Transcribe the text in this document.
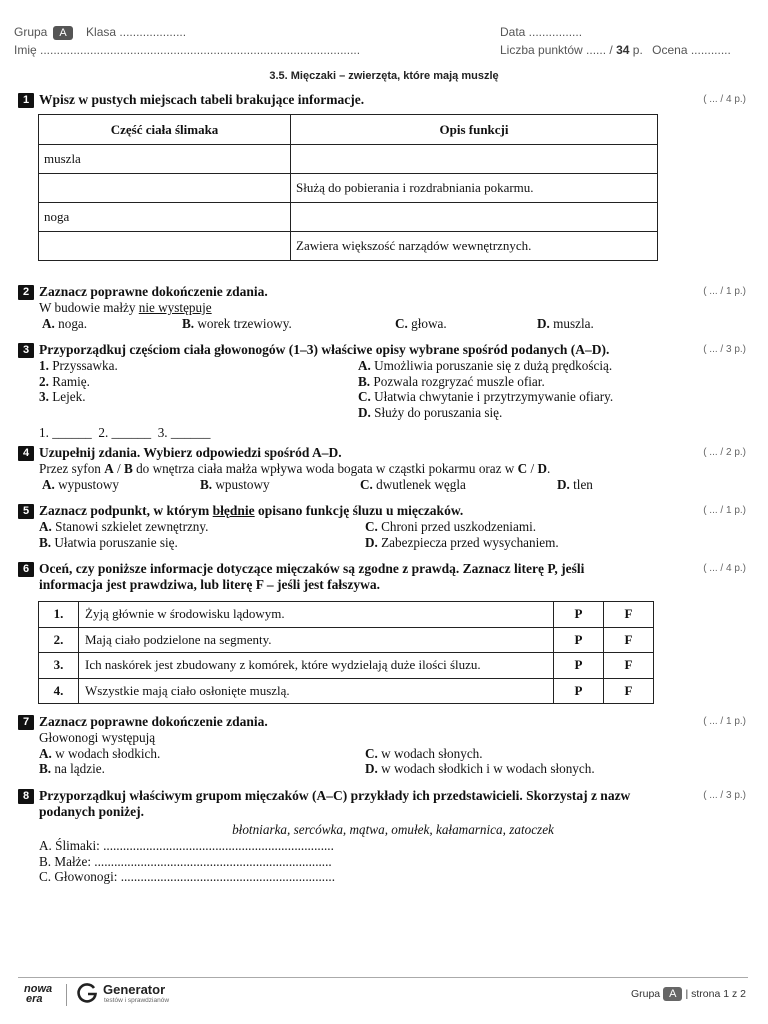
Grupa A Klasa ....................
Imię ................................................................................................
Data ................
Liczba punktów ...... / 34 p. Ocena ............
3.5. Mięczaki – zwierzęta, które mają muszlę
1 Wpisz w pustych miejscach tabeli brakujące informacje.	( ... / 4 p.)
Część ciała ślimaka	Opis funkcji
muszla	
	Służą do pobierania i rozdrabniania pokarmu.
noga	
	Zawiera większość narządów wewnętrznych.
2 Zaznacz poprawne dokończenie zdania.	( ... / 1 p.)
W budowie małży nie występuje
A. noga.	B. worek trzewiowy.	C. głowa.	D. muszla.
3 Przyporządkuj częściom ciała głowonogów (1–3) właściwe opisy wybrane spośród podanych (A–D).	( ... / 3 p.)
1. Przyssawka.	A. Umożliwia poruszanie się z dużą prędkością.
2. Ramię.	B. Pozwala rozgryzać muszle ofiar.
3. Lejek.	C. Ułatwia chwytanie i przytrzymywanie ofiary.
D. Służy do poruszania się.
1. ______  2. ______  3. ______
4 Uzupełnij zdania. Wybierz odpowiedzi spośród A–D.	( ... / 2 p.)
Przez syfon A / B do wnętrza ciała małża wpływa woda bogata w cząstki pokarmu oraz w C / D.
A. wypustowy	B. wpustowy	C. dwutlenek węgla	D. tlen
5 Zaznacz podpunkt, w którym błędnie opisano funkcję śluzu u mięczaków.	( ... / 1 p.)
A. Stanowi szkielet zewnętrzny.	C. Chroni przed uszkodzeniami.
B. Ułatwia poruszanie się.	D. Zabezpiecza przed wysychaniem.
6 Oceń, czy poniższe informacje dotyczące mięczaków są zgodne z prawdą. Zaznacz literę P, jeśli
informacja jest prawdziwa, lub literę F – jeśli jest fałszywa.
( ... / 4 p.)
1.	Żyją głównie w środowisku lądowym.	P	F
2.	Mają ciało podzielone na segmenty.	P	F
3.	Ich naskórek jest zbudowany z komórek, które wydzielają duże ilości śluzu.	P	F
4.	Wszystkie mają ciało osłonięte muszlą.	P	F
7 Zaznacz poprawne dokończenie zdania.	( ... / 1 p.)
Głowonogi występują
A. w wodach słodkich.	C. w wodach słonych.
B. na lądzie.	D. w wodach słodkich i w wodach słonych.
8 Przyporządkuj właściwym grupom mięczaków (A–C) przykłady ich przedstawicieli. Skorzystaj z nazw
podanych poniżej.
( ... / 3 p.)
błotniarka, sercówka, mątwa, omułek, kałamarnica, zatoczek
A. Ślimaki: ......................................................................
B. Małże: ........................................................................
C. Głowonogi: .................................................................
nowa
era
Generator
testów i sprawdzianów
Grupa A | strona 1 z 2
